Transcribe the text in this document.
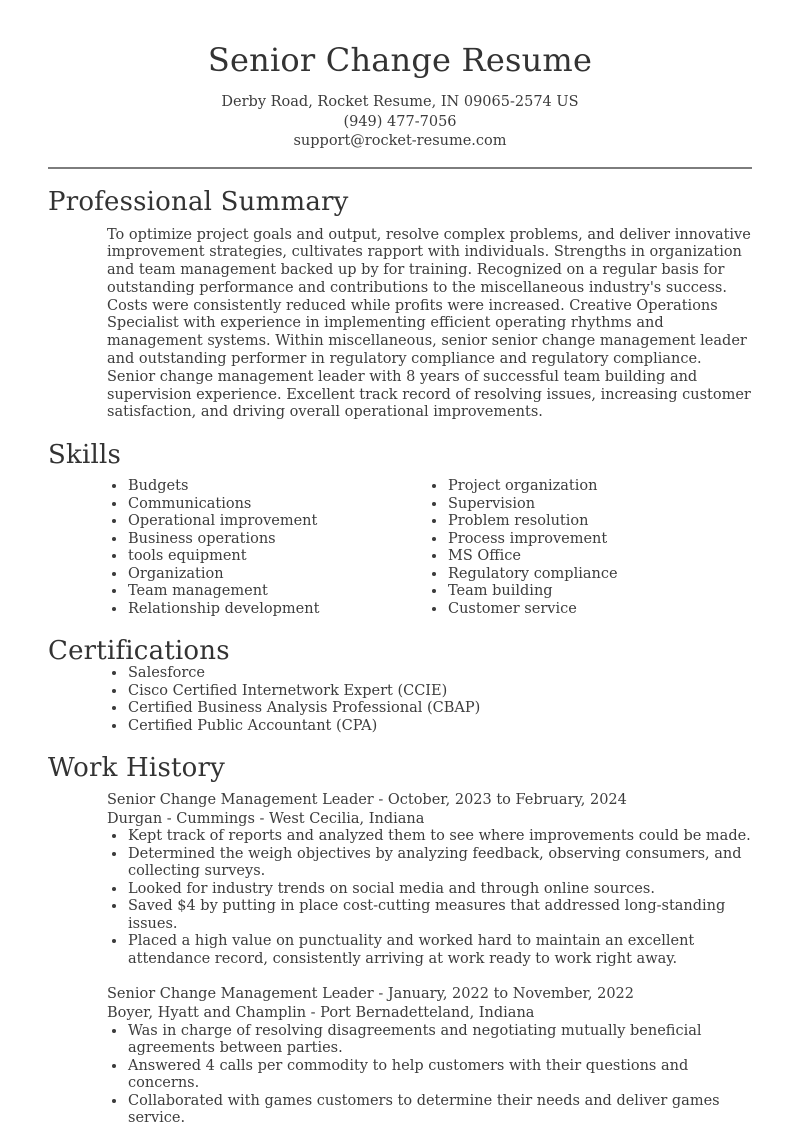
Senior Change Resume
Derby Road, Rocket Resume, IN 09065-2574 US
(949) 477-7056
support@rocket-resume.com
Professional Summary

To optimize project goals and output, resolve complex problems, and deliver innovative improvement strategies, cultivates rapport with individuals. Strengths in organization and team management backed up by for training. Recognized on a regular basis for outstanding performance and contributions to the miscellaneous industry's success. Costs were consistently reduced while profits were increased. Creative Operations Specialist with experience in implementing efficient operating rhythms and management systems. Within miscellaneous, senior senior change management leader and outstanding performer in regulatory compliance and regulatory compliance. Senior change management leader with 8 years of successful team building and supervision experience. Excellent track record of resolving issues, increasing customer satisfaction, and driving overall operational improvements.

Skills
• Budgets
• Communications
• Operational improvement
• Business operations
• tools equipment
• Organization
• Team management
• Relationship development
• Project organization
• Supervision
• Problem resolution
• Process improvement
• MS Office
• Regulatory compliance
• Team building
• Customer service
Certifications
• Salesforce
• Cisco Certified Internetwork Expert (CCIE)
• Certified Business Analysis Professional (CBAP)
• Certified Public Accountant (CPA)
Work History
Senior Change Management Leader - October, 2023 to February, 2024
Durgan - Cummings - West Cecilia, Indiana
• Kept track of reports and analyzed them to see where improvements could be made.
• Determined the weigh objectives by analyzing feedback, observing consumers, and collecting surveys.
• Looked for industry trends on social media and through online sources.
• Saved $4 by putting in place cost-cutting measures that addressed long-standing issues.
• Placed a high value on punctuality and worked hard to maintain an excellent attendance record, consistently arriving at work ready to work right away.
Senior Change Management Leader - January, 2022 to November, 2022
Boyer, Hyatt and Champlin - Port Bernadetteland, Indiana
• Was in charge of resolving disagreements and negotiating mutually beneficial agreements between parties.
• Answered 4 calls per commodity to help customers with their questions and concerns.
• Collaborated with games customers to determine their needs and deliver games service.
